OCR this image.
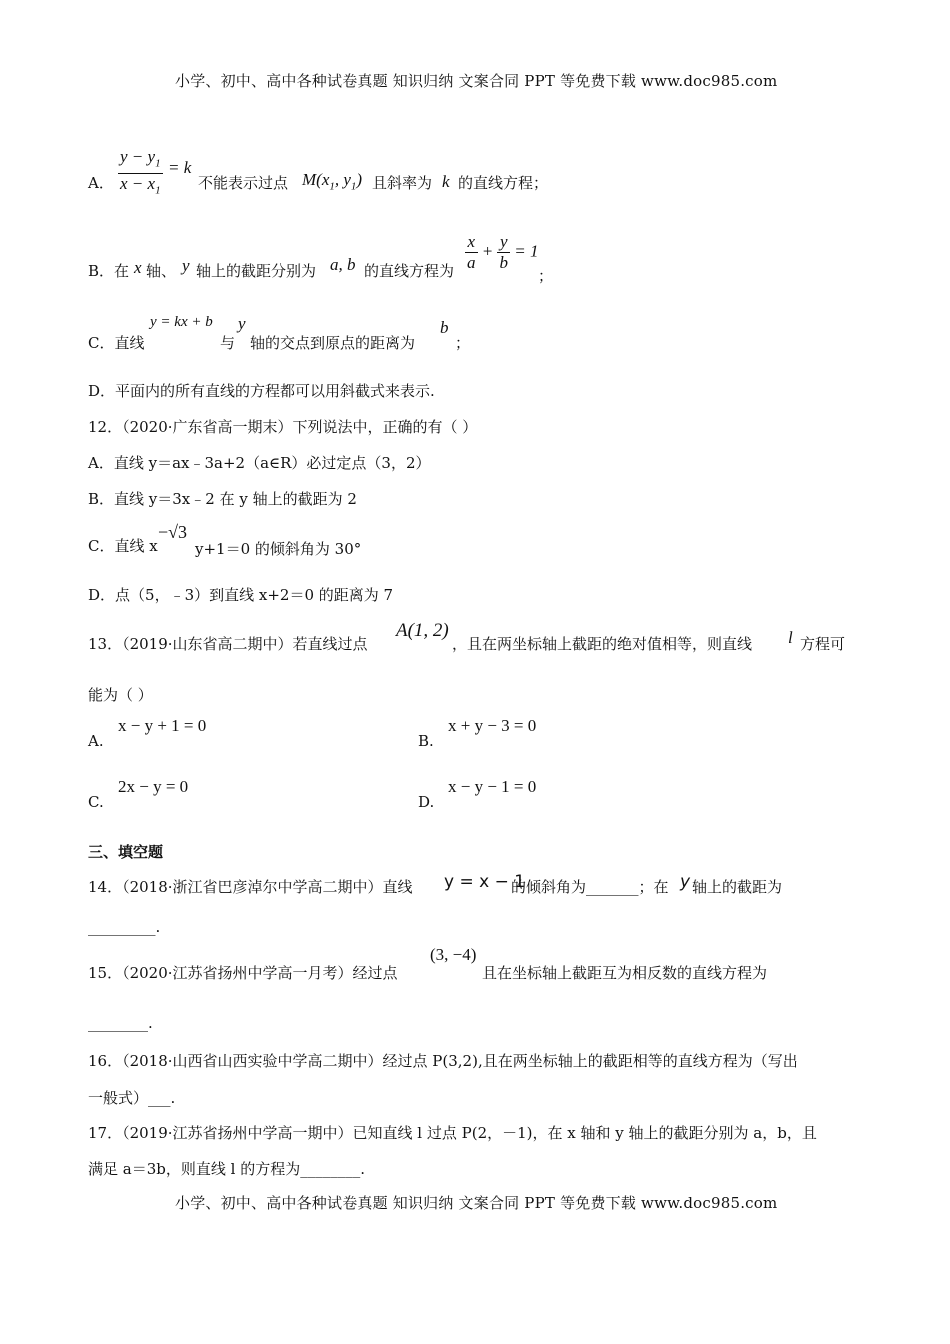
小学、初中、高中各种试卷真题 知识归纳 文案合同 PPT 等免费下载 www.doc985.com
A． $\frac{y - y_1}{x - x_1} = k$
不能表示过点 $M(x_1$, $y_1$) 且斜率为 k 的直线方程；
B．在 x 轴、 y 轴上的截距分别为 a, b 的直线方程为 $\frac{x}{a} + \frac{y}{b} = 1$
；
C．直线
y = kx + b
与
y
轴的交点到原点的距离为
b
；
D．平面内的所有直线的方程都可以用斜截式来表示.
12．（2020·广东省高一期末）下列说法中，正确的有（ ）
A．直线 y＝ax﹣3a+2（a∈R）必过定点（3，2）
B．直线 y＝3x﹣2 在 y 轴上的截距为 2
C．直线 x
−√3
y+1＝0 的倾斜角为 30°
D．点（5，﹣3）到直线 x+2＝0 的距离为 7
13．（2019·山东省高二期中）若直线过点
A(1, 2)
，且在两坐标轴上截距的绝对值相等，则直线 l 方程可
能为（ ）
A.
x − y + 1 = 0
B.
x + y − 3 = 0
C.
2x − y = 0
D.
x − y − 1 = 0
三、填空题
14．（2018·浙江省巴彦淖尔中学高二期中）直线 y = x − 1
的倾斜角为_______；在 y 轴上的截距为
_________.
15．（2020·江苏省扬州中学高一月考）经过点
(3, −4)
且在坐标轴上截距互为相反数的直线方程为
________.
16．（2018·山西省山西实验中学高二期中）经过点 P(3,2),且在两坐标轴上的截距相等的直线方程为（写出
一般式）___.
17．（2019·江苏省扬州中学高一期中）已知直线 l 过点 P(2，－1)，在 x 轴和 y 轴上的截距分别为 a，b，且
满足 a＝3b，则直线 l 的方程为________.
小学、初中、高中各种试卷真题 知识归纳 文案合同 PPT 等免费下载 www.doc985.com
